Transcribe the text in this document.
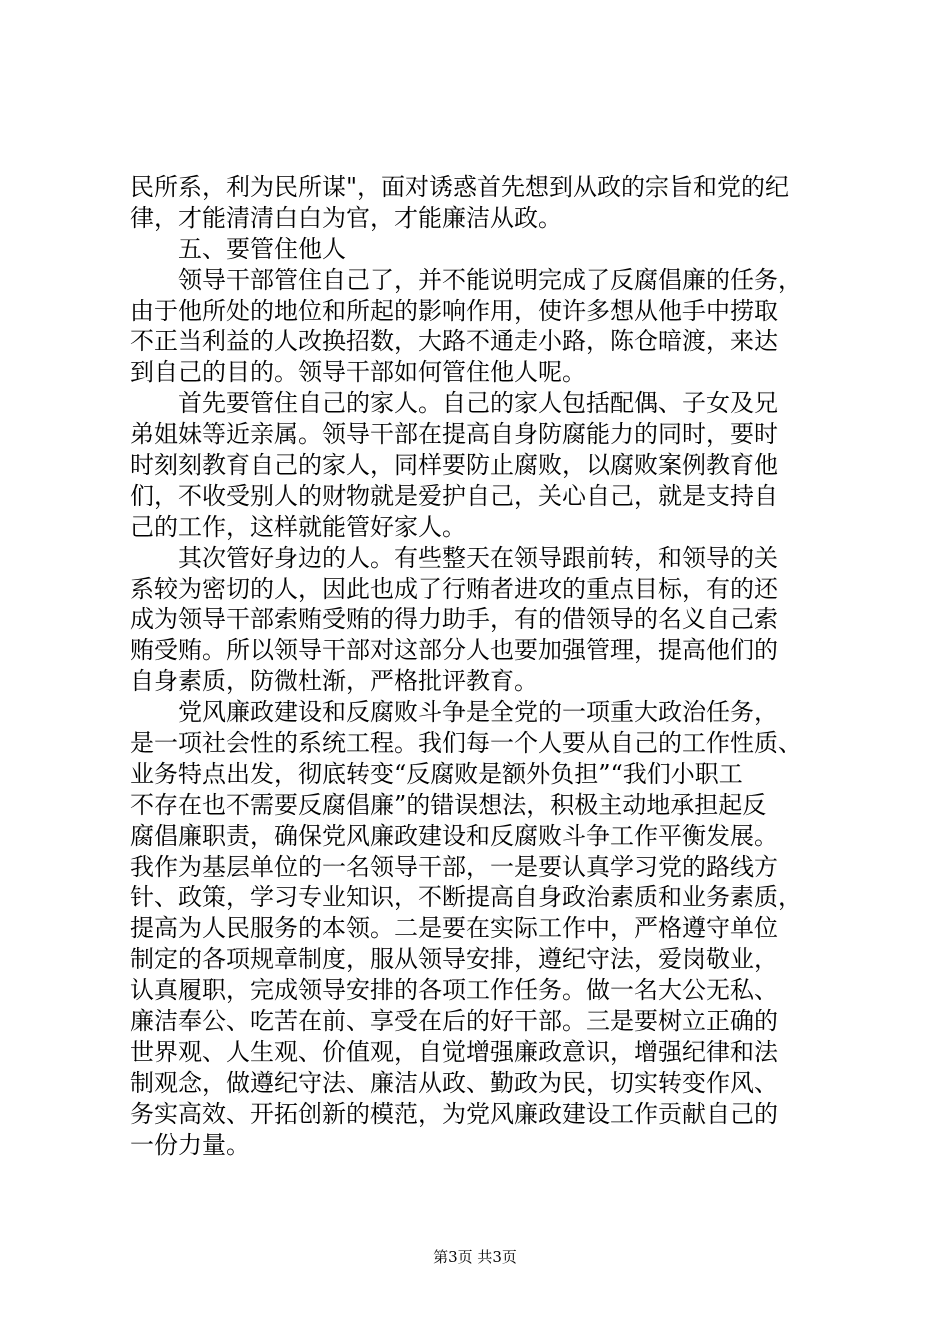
民所系，利为民所谋"，面对诱惑首先想到从政的宗旨和党的纪
律，才能清清白白为官，才能廉洁从政。
五、要管住他人
领导干部管住自己了，并不能说明完成了反腐倡廉的任务，
由于他所处的地位和所起的影响作用，使许多想从他手中捞取
不正当利益的人改换招数，大路不通走小路，陈仓暗渡，来达
到自己的目的。领导干部如何管住他人呢。
首先要管住自己的家人。自己的家人包括配偶、子女及兄
弟姐妹等近亲属。领导干部在提高自身防腐能力的同时，要时
时刻刻教育自己的家人，同样要防止腐败，以腐败案例教育他
们，不收受别人的财物就是爱护自己，关心自己，就是支持自
己的工作，这样就能管好家人。
其次管好身边的人。有些整天在领导跟前转，和领导的关
系较为密切的人，因此也成了行贿者进攻的重点目标，有的还
成为领导干部索贿受贿的得力助手，有的借领导的名义自己索
贿受贿。所以领导干部对这部分人也要加强管理，提高他们的
自身素质，防微杜渐，严格批评教育。
党风廉政建设和反腐败斗争是全党的一项重大政治任务，
是一项社会性的系统工程。我们每一个人要从自己的工作性质、
业务特点出发，彻底转变“反腐败是额外负担”“我们小职工
不存在也不需要反腐倡廉”的错误想法，积极主动地承担起反
腐倡廉职责，确保党风廉政建设和反腐败斗争工作平衡发展。
我作为基层单位的一名领导干部，一是要认真学习党的路线方
针、政策，学习专业知识，不断提高自身政治素质和业务素质，
提高为人民服务的本领。二是要在实际工作中，严格遵守单位
制定的各项规章制度，服从领导安排，遵纪守法，爱岗敬业，
认真履职，完成领导安排的各项工作任务。做一名大公无私、
廉洁奉公、吃苦在前、享受在后的好干部。三是要树立正确的
世界观、人生观、价值观，自觉增强廉政意识，增强纪律和法
制观念，做遵纪守法、廉洁从政、勤政为民，切实转变作风、
务实高效、开拓创新的模范，为党风廉政建设工作贡献自己的
一份力量。
第3页 共3页
